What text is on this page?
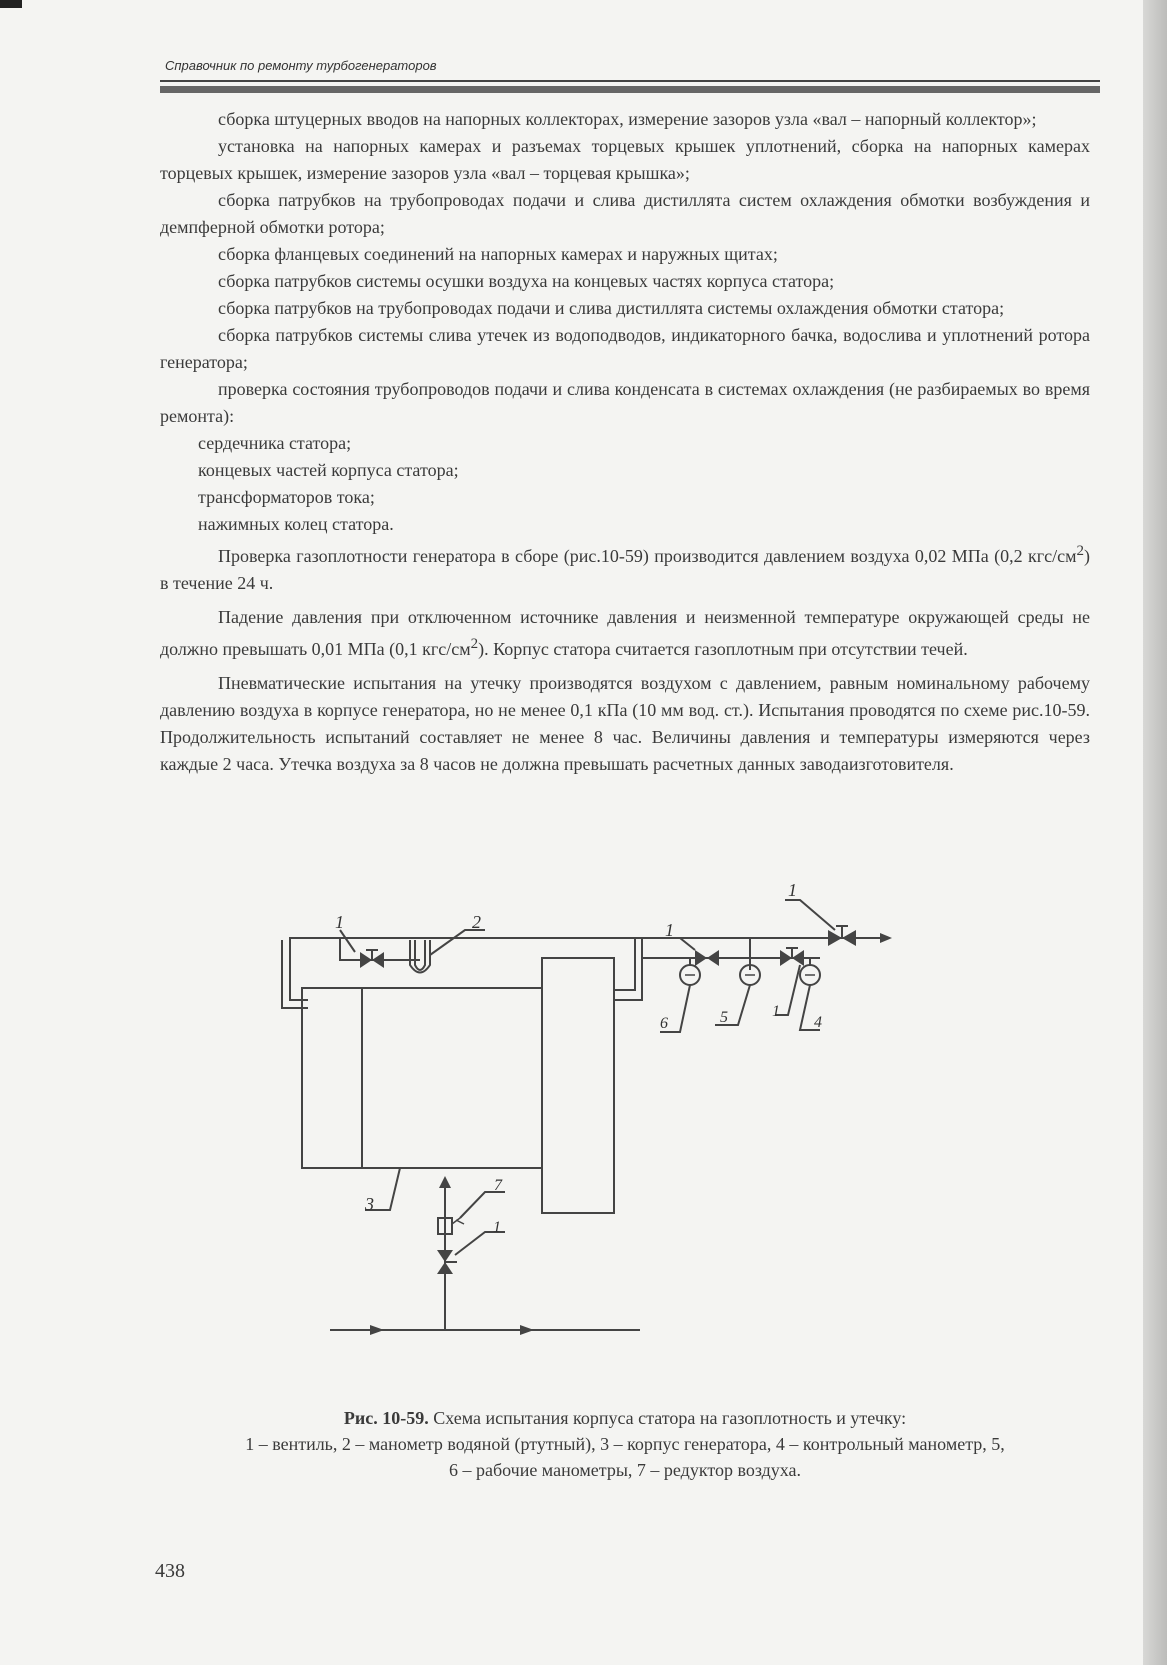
Справочник по ремонту турбогенераторов

сборка штуцерных вводов на напорных коллекторах, измерение зазоров узла «вал – напорный коллектор»;

установка на напорных камерах и разъемах торцевых крышек уплотнений, сборка на напорных камерах торцевых крышек, измерение зазоров узла «вал – торцевая крышка»;

сборка патрубков на трубопроводах подачи и слива дистиллята систем охлаждения обмотки возбуждения и демпферной обмотки ротора;

сборка фланцевых соединений на напорных камерах и наружных щитах;

сборка патрубков системы осушки воздуха на концевых частях корпуса статора;

сборка патрубков на трубопроводах подачи и слива дистиллята системы охлаждения обмотки статора;

сборка патрубков системы слива утечек из водоподводов, индикаторного бачка, водослива и уплотнений ротора генератора;

проверка состояния трубопроводов подачи и слива конденсата в системах охлаждения (не разбираемых во время ремонта):

сердечника статора;

концевых частей корпуса статора;

трансформаторов тока;

нажимных колец статора.

Проверка газоплотности генератора в сборе (рис.10-59) производится давлением воздуха 0,02 МПа (0,2 кгс/$см^2$) в течение 24 ч.

Падение давления при отключенном источнике давления и неизменной температуре окружающей среды не должно превышать 0,01 МПа (0,1 кгс/$см^2$). Корпус статора считается газоплотным при отсутствии течей.

Пневматические испытания на утечку производятся воздухом с давлением, равным номинальному рабочему давлению воздуха в корпусе генератора, но не менее 0,1 кПа (10 мм вод. ст.). Испытания проводятся по схеме рис.10-59. Продолжительность испытаний составляет не менее 8 час. Величины давления и температуры измеряются через каждые 2 часа. Утечка воздуха за 8 часов не должна превышать расчетных данных заводаизготовителя.

1
1	2
3
1
6	5	1
4
7
1
Рис. 10-59. Схема испытания корпуса статора на газоплотность и утечку:
1 – вентиль, 2 – манометр водяной (ртутный), 3 – корпус генератора, 4 – контрольный манометр, 5, 6 – рабочие манометры, 7 – редуктор воздуха.
438
